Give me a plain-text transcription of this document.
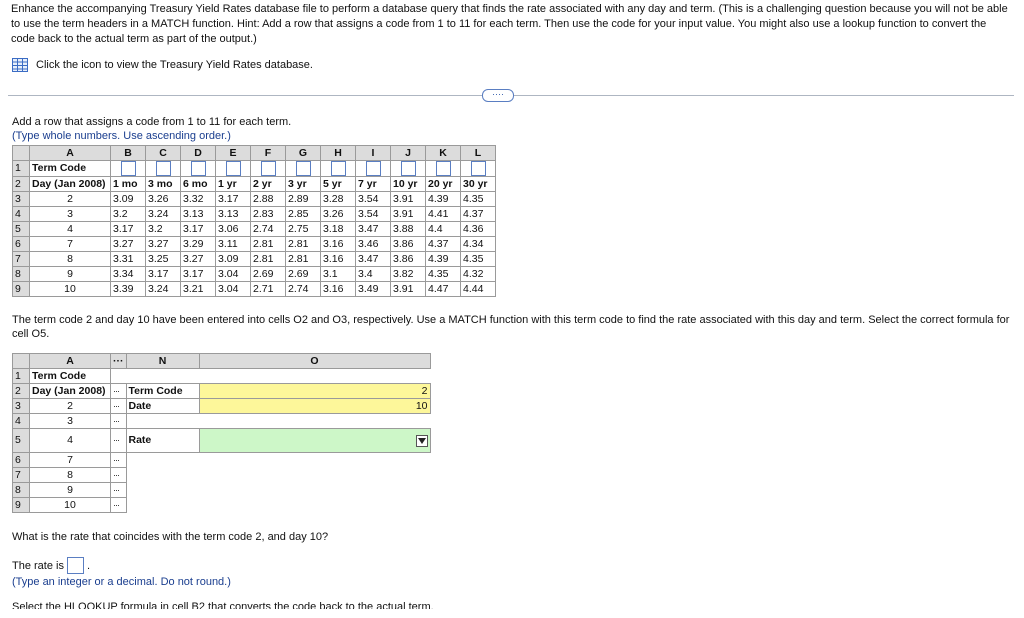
Enhance the accompanying Treasury Yield Rates database file to perform a database query that finds the rate associated with any day and term. (This is a challenging question because you will not be able to use the term headers in a MATCH function. Hint: Add a row that assigns a code from 1 to 11 for each term. Then use the code for your input value. You might also use a lookup function to convert the code back to the actual term as part of the output.)
Click the icon to view the Treasury Yield Rates database.
····
Add a row that assigns a code from 1 to 11 for each term.
(Type whole numbers. Use ascending order.)
	A	B	C	D	E	F	G	H	I	J	K	L
1	Term Code											
2	Day (Jan 2008)	1 mo	3 mo	6 mo	1 yr	2 yr	3 yr	5 yr	7 yr	10 yr	20 yr	30 yr
3	2	3.09	3.26	3.32	3.17	2.88	2.89	3.28	3.54	3.91	4.39	4.35
4	3	3.2	3.24	3.13	3.13	2.83	2.85	3.26	3.54	3.91	4.41	4.37
5	4	3.17	3.2	3.17	3.06	2.74	2.75	3.18	3.47	3.88	4.4	4.36
6	7	3.27	3.27	3.29	3.11	2.81	2.81	3.16	3.46	3.86	4.37	4.34
7	8	3.31	3.25	3.27	3.09	2.81	2.81	3.16	3.47	3.86	4.39	4.35
8	9	3.34	3.17	3.17	3.04	2.69	2.69	3.1	3.4	3.82	4.35	4.32
9	10	3.39	3.24	3.21	3.04	2.71	2.74	3.16	3.49	3.91	4.47	4.44
The term code 2 and day 10 have been entered into cells O2 and O3, respectively. Use a MATCH function with this term code to find the rate associated with this day and term. Select the correct formula for cell O5.
	A	···	N	O
1	Term Code			
2	Day (Jan 2008)	···	Term Code	2
3	2	···	Date	10
4	3	···		
5	4	···	Rate	

6	7	···		
7	8	···		
8	9	···		
9	10	···		
What is the rate that coincides with the term code 2, and day 10?
The rate is .
(Type an integer or a decimal. Do not round.)
Select the HLOOKUP formula in cell B2 that converts the code back to the actual term.
